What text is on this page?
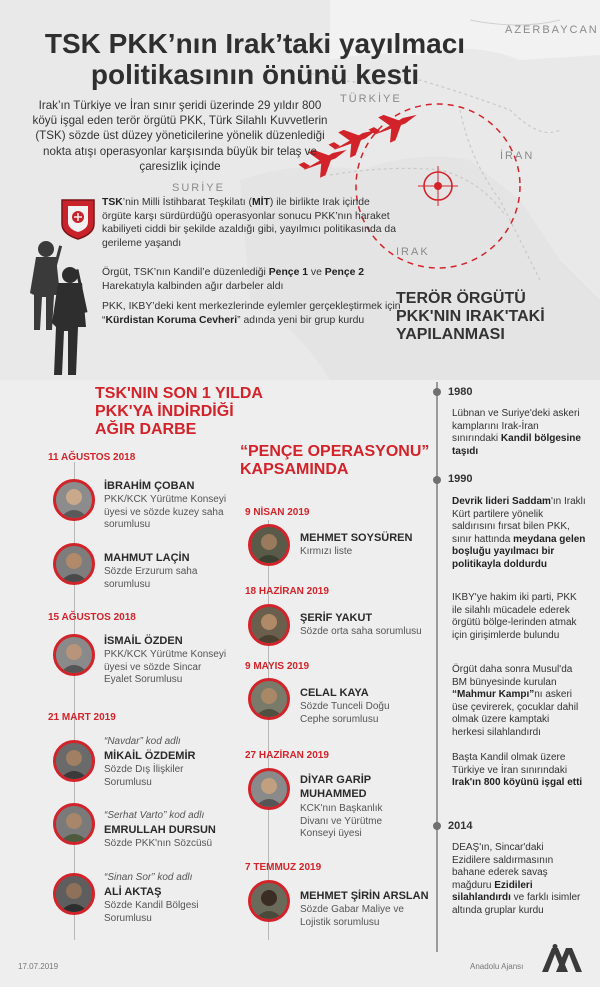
AZERBAYCAN
TÜRKİYE
İRAN
SURİYE
IRAK
TSK PKK’nın Irak’taki yayılmacı politikasının önünü kesti
Irak’ın Türkiye ve İran sınır şeridi üzerinde 29 yıldır 800 köyü işgal eden terör örgütü PKK, Türk Silahlı Kuvvetlerin (TSK) sözde üst düzey yöneticilerine yönelik düzenlediği nokta atışı operasyonlar karşısında büyük bir telaş ve çaresizlik içinde
TSK’nin Milli İstihbarat Teşkilatı (MİT) ile birlikte Irak içinde örgüte karşı sürdürdüğü operasyonlar sonucu PKK’nın haraket kabiliyeti ciddi bir şekilde azaldığı gibi, yayılmıcı politikasında da gerileme yaşandı
Örgüt, TSK’nın Kandil’e düzenlediği Pençe 1 ve Pençe 2 Harekatıyla kalbinden ağır darbeler aldı
PKK, IKBY’deki kent merkezlerinde eylemler gerçekleştirmek için “Kürdistan Koruma Cevheri” adında yeni bir grup kurdu
TSK'NIN SON 1 YILDA
PKK'YA İNDİRDİĞİ
AĞIR DARBE
“PENÇE OPERASYONU”
KAPSAMINDA
TERÖR ÖRGÜTÜ
PKK'NIN IRAK'TAKİ
YAPILANMASI
11 AĞUSTOS 2018
15 AĞUSTOS 2018
21 MART 2019
İBRAHİM ÇOBAN
PKK/KCK Yürütme Konseyi
üyesi ve sözde kuzey saha
sorumlusu
MAHMUT LAÇİN
Sözde Erzurum saha
sorumlusu
İSMAİL ÖZDEN
PKK/KCK Yürütme Konseyi
üyesi ve sözde Sincar
Eyalet Sorumlusu
“Navdar” kod adlı
MİKAİL ÖZDEMİR
Sözde Dış İlişkiler
Sorumlusu
“Serhat Varto” kod adlı
EMRULLAH DURSUN
Sözde PKK'nın Sözcüsü
“Sinan Sor” kod adlı
ALİ AKTAŞ
Sözde Kandil Bölgesi
Sorumlusu
9 NİSAN 2019
MEHMET SOYSÜREN
Kırmızı liste
18 HAZİRAN 2019
ŞERİF YAKUT
Sözde orta saha sorumlusu
9 MAYIS 2019
CELAL KAYA
Sözde Tunceli Doğu
Cephe sorumlusu
27 HAZİRAN 2019
DİYAR GARİP
MUHAMMED
KCK'nın Başkanlık
Divanı ve Yürütme
Konseyi üyesi
7 TEMMUZ 2019
MEHMET ŞİRİN ARSLAN
Sözde Gabar Maliye ve
Lojistik sorumlusu
1980
Lübnan ve Suriye'deki askeri kamplarını Irak-İran sınırındaki Kandil bölgesine taşıdı
1990
Devrik lideri Saddam'ın Iraklı Kürt partilere yönelik saldırısını fırsat bilen PKK, sınır hattında meydana gelen boşluğu yayılmacı bir politikayla doldurdu
IKBY'ye hakim iki parti, PKK ile silahlı mücadele ederek örgütü bölge-lerinden atmak için girişimlerde bulundu
Örgüt daha sonra Musul'da BM bünyesinde kurulan “Mahmur Kampı”nı askeri üse çevirerek, çocuklar dahil olmak üzere kamptaki herkesi silahlandırdı
Başta Kandil olmak üzere Türkiye ve İran sınırındaki Irak'ın 800 köyünü işgal etti
2014
DEAŞ'ın, Sincar'daki Ezidilere saldırmasının bahane ederek savaş mağduru Ezidileri silahlandırdı ve farklı isimler altında gruplar kurdu
17.07.2019	Anadolu Ajansı
